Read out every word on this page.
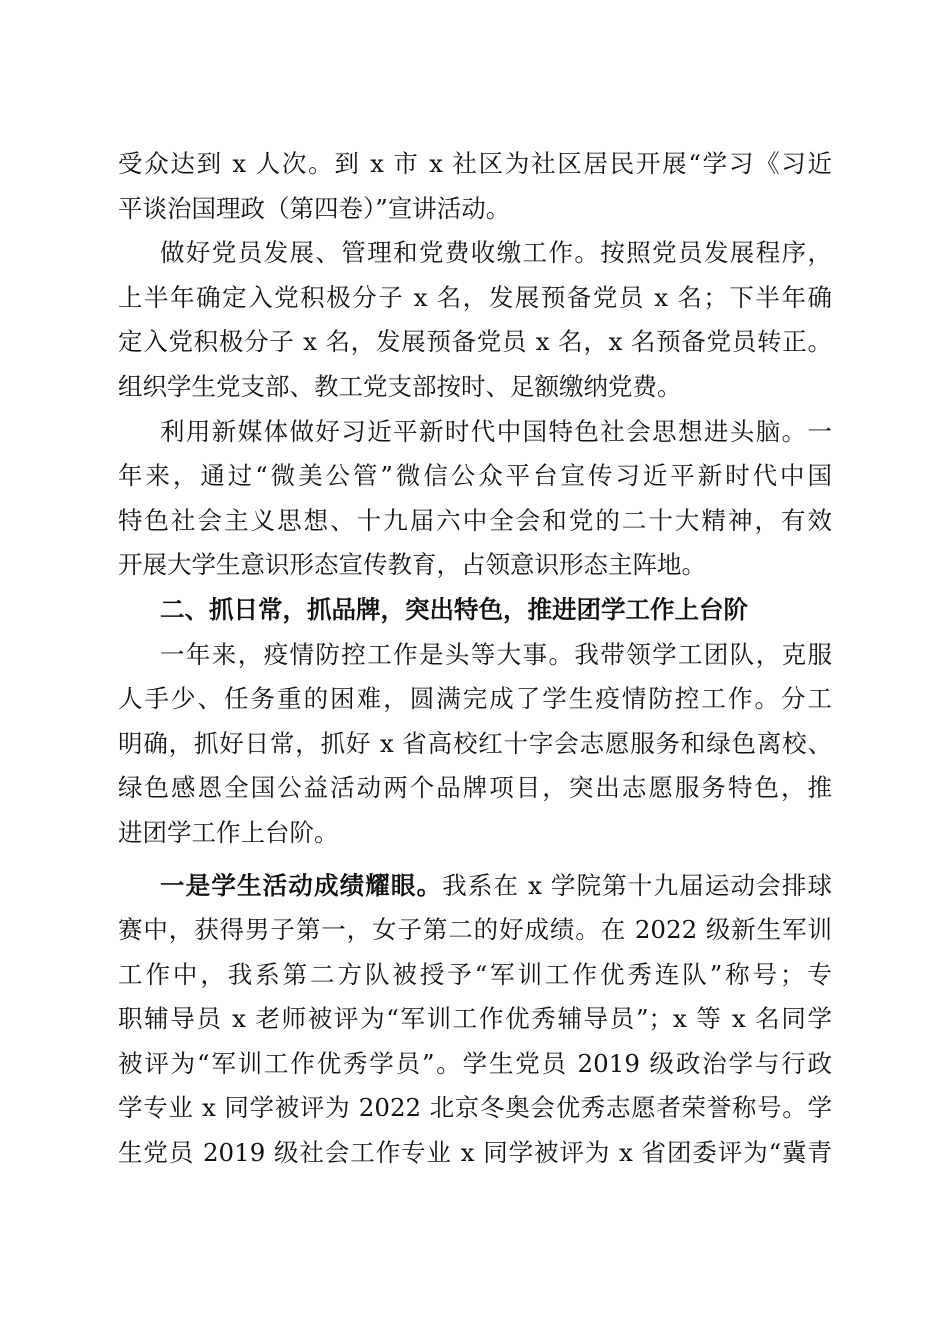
受众达到 x 人次。到 x 市 x 社区为社区居民开展“学习《习近
平谈治国理政（第四卷）”宣讲活动。
做好党员发展、管理和党费收缴工作。按照党员发展程序，
上半年确定入党积极分子 x 名，发展预备党员 x 名；下半年确
定入党积极分子 x 名，发展预备党员 x 名，x 名预备党员转正。
组织学生党支部、教工党支部按时、足额缴纳党费。
利用新媒体做好习近平新时代中国特色社会思想进头脑。一
年来，通过“微美公管”微信公众平台宣传习近平新时代中国
特色社会主义思想、十九届六中全会和党的二十大精神，有效
开展大学生意识形态宣传教育，占领意识形态主阵地。
二、抓日常，抓品牌，突出特色，推进团学工作上台阶
一年来，疫情防控工作是头等大事。我带领学工团队，克服
人手少、任务重的困难，圆满完成了学生疫情防控工作。分工
明确，抓好日常，抓好 x 省高校红十字会志愿服务和绿色离校、
绿色感恩全国公益活动两个品牌项目，突出志愿服务特色，推
进团学工作上台阶。
一是学生活动成绩耀眼。我系在 x 学院第十九届运动会排球
赛中，获得男子第一，女子第二的好成绩。在 2022 级新生军训
工作中，我系第二方队被授予“军训工作优秀连队”称号；专
职辅导员 x 老师被评为“军训工作优秀辅导员”；x 等 x 名同学
被评为“军训工作优秀学员”。学生党员 2019 级政治学与行政
学专业 x 同学被评为 2022 北京冬奥会优秀志愿者荣誉称号。学
生党员 2019 级社会工作专业 x 同学被评为 x 省团委评为“冀青
